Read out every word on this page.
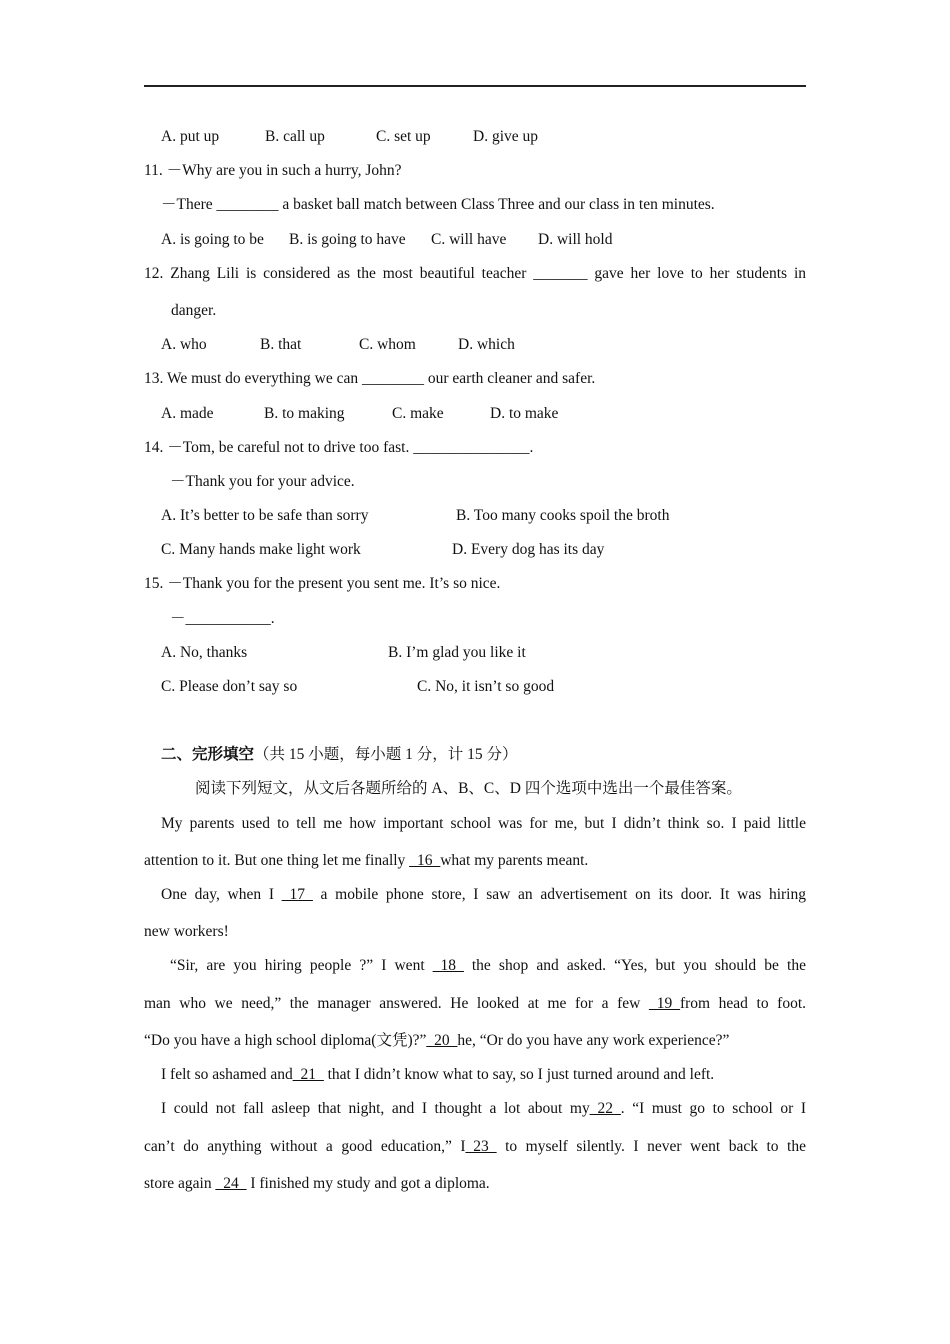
A. put up	B. call up	C. set up	D. give up
11. －Why are you in such a hurry, John?
－There ________ a basket ball match between Class Three and our class in ten minutes.
A. is going to be B. is going to have C. will have D. will hold
12. Zhang Lili is considered as the most beautiful teacher _______ gave her love to her students in
danger.
A. who	B. that	C. whom	D. which
13. We must do everything we can ________ our earth cleaner and safer.
A. made	B. to making	C. make	D. to make
14. －Tom, be careful not to drive too fast. _______________.
－Thank you for your advice.
A. It’s better to be safe than sorry	B. Too many cooks spoil the broth
C. Many hands make light work	D. Every dog has its day
15. －Thank you for the present you sent me. It’s so nice.
－___________.
A. No, thanks	B. I’m glad you like it
C. Please don’t say so	C. No, it isn’t so good
二、完形填空（共 15 小题，每小题 1 分，计 15 分）
阅读下列短文，从文后各题所给的 A、B、C、D 四个选项中选出一个最佳答案。
My parents used to tell me how important school was for me, but I didn’t think so. I paid little
attention to it. But one thing let me finally _16_what my parents meant.
One day, when I _17_ a mobile phone store, I saw an advertisement on its door. It was hiring
new workers!
“Sir, are you hiring people ?” I went _18_ the shop and asked. “Yes, but you should be the
man who we need,” the manager answered. He looked at me for a few _19_from head to foot.
“Do you have a high school diploma(文凭)?”_20_he, “Or do you have any work experience?”
I felt so ashamed and_21_ that I didn’t know what to say, so I just turned around and left.
I could not fall asleep that night, and I thought a lot about my_22_. “I must go to school or I
can’t do anything without a good education,” I_23_ to myself silently. I never went back to the
store again _24_ I finished my study and got a diploma.
